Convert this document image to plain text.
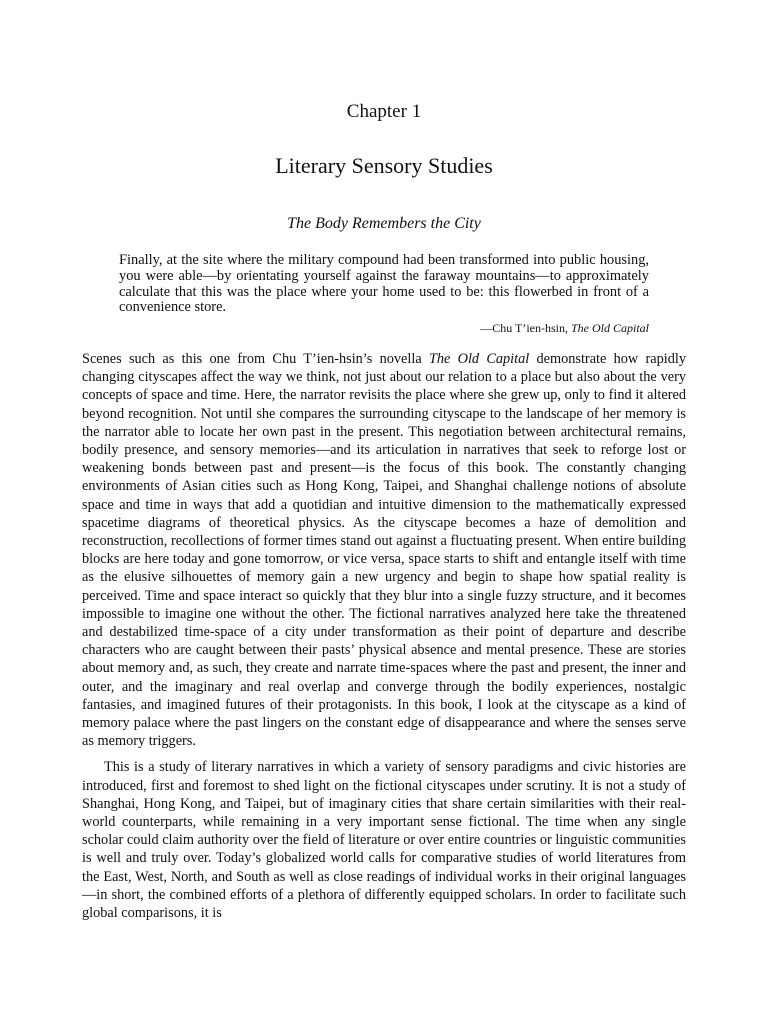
Chapter 1
Literary Sensory Studies
The Body Remembers the City
Finally, at the site where the military compound had been transformed into public housing, you were able—by orientating yourself against the faraway mountains—to approximately calculate that this was the place where your home used to be: this flowerbed in front of a convenience store.
—Chu T’ien-hsin, The Old Capital

Scenes such as this one from Chu T’ien-hsin’s novella The Old Capital demonstrate how rapidly changing cityscapes affect the way we think, not just about our relation to a place but also about the very concepts of space and time. Here, the narrator revisits the place where she grew up, only to find it altered beyond recognition. Not until she compares the surrounding cityscape to the landscape of her memory is the narrator able to locate her own past in the present. This negotiation between architectural remains, bodily presence, and sensory memories—and its articulation in narratives that seek to reforge lost or weakening bonds between past and present—is the focus of this book. The constantly changing environments of Asian cities such as Hong Kong, Taipei, and Shanghai challenge notions of absolute space and time in ways that add a quotidian and intuitive dimension to the mathematically expressed spacetime diagrams of theoretical physics. As the cityscape becomes a haze of demolition and reconstruction, recollections of former times stand out against a fluctuating present. When entire building blocks are here today and gone tomorrow, or vice versa, space starts to shift and entangle itself with time as the elusive silhouettes of memory gain a new urgency and begin to shape how spatial reality is perceived. Time and space interact so quickly that they blur into a single fuzzy structure, and it becomes impossible to imagine one without the other. The fictional narratives analyzed here take the threatened and destabilized time-space of a city under transformation as their point of departure and describe characters who are caught between their pasts’ physical absence and mental presence. These are stories about memory and, as such, they create and narrate time-spaces where the past and present, the inner and outer, and the imaginary and real overlap and converge through the bodily experiences, nostalgic fantasies, and imagined futures of their protagonists. In this book, I look at the cityscape as a kind of memory palace where the past lingers on the constant edge of disappearance and where the senses serve as memory triggers.

This is a study of literary narratives in which a variety of sensory paradigms and civic histories are introduced, first and foremost to shed light on the fictional cityscapes under scrutiny. It is not a study of Shanghai, Hong Kong, and Taipei, but of imaginary cities that share certain similarities with their real-world counterparts, while remaining in a very important sense fictional. The time when any single scholar could claim authority over the field of literature or over entire countries or linguistic communities is well and truly over. Today’s globalized world calls for comparative studies of world literatures from the East, West, North, and South as well as close readings of individual works in their original languages—in short, the combined efforts of a plethora of differently equipped scholars. In order to facilitate such global comparisons, it is
